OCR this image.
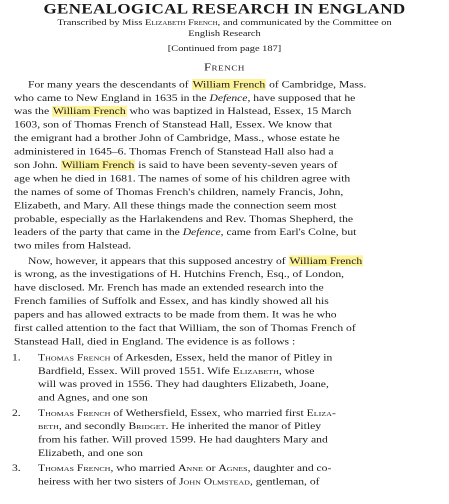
GENEALOGICAL RESEARCH IN ENGLAND

Transcribed by Miss Elizabeth French, and communicated by the Committee on

English Research

[Continued from page 187]

French

For many years the descendants of William French of Cambridge, Mass.

who came to New England in 1635 in the Defence, have supposed that he

was the William French who was baptized in Halstead, Essex, 15 March

1603, son of Thomas French of Stanstead Hall, Essex. We know that

the emigrant had a brother John of Cambridge, Mass., whose estate he

administered in 1645–6. Thomas French of Stanstead Hall also had a

son John. William French is said to have been seventy-seven years of

age when he died in 1681. The names of some of his children agree with

the names of some of Thomas French's children, namely Francis, John,

Elizabeth, and Mary. All these things made the connection seem most

probable, especially as the Harlakendens and Rev. Thomas Shepherd, the

leaders of the party that came in the Defence, came from Earl's Colne, but

two miles from Halstead.

Now, however, it appears that this supposed ancestry of William French

is wrong, as the investigations of H. Hutchins French, Esq., of London,

have disclosed. Mr. French has made an extended research into the

French families of Suffolk and Essex, and has kindly showed all his

papers and has allowed extracts to be made from them. It was he who

first called attention to the fact that William, the son of Thomas French of

Stanstead Hall, died in England. The evidence is as follows :

1. Thomas French of Arkesden, Essex, held the manor of Pitley in

Bardfield, Essex. Will proved 1551. Wife Elizabeth, whose

will was proved in 1556. They had daughters Elizabeth, Joane,

and Agnes, and one son

2. Thomas French of Wethersfield, Essex, who married first Eliza-

beth, and secondly Bridget. He inherited the manor of Pitley

from his father. Will proved 1599. He had daughters Mary and

Elizabeth, and one son

3. Thomas French, who married Anne or Agnes, daughter and co-

heiress with her two sisters of John Olmstead, gentleman, of
